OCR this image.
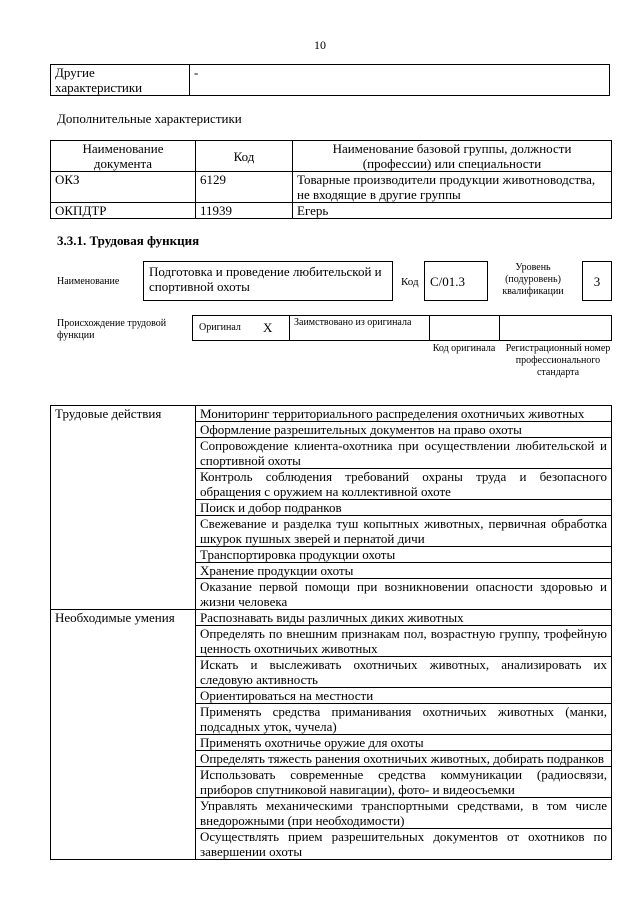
10
Другие характеристики	-
Дополнительные характеристики
Наименование документа	Код	Наименование базовой группы, должности (профессии) или специальности
ОКЗ	6129	Товарные производители продукции животноводства, не входящие в другие группы
ОКПДТР	11939	Егерь
3.3.1. Трудовая функция
Наименование
Подготовка и проведение любительской и спортивной охоты	Код C/01.3
Уровень (подуровень) квалификации
3
Происхождение трудовой функции
Оригинал X Заимствовано из оригинала
Код оригинала Регистрационный номер профессионального стандарта
Трудовые действия	Мониторинг территориального распределения охотничьих животных
	Оформление разрешительных документов на право охоты
	Сопровождение клиента-охотника при осуществлении любительской и спортивной охоты
	Контроль соблюдения требований охраны труда и безопасного обращения с оружием на коллективной охоте
	Поиск и добор подранков
	Свежевание и разделка туш копытных животных, первичная обработка шкурок пушных зверей и пернатой дичи
	Транспортировка продукции охоты
	Хранение продукции охоты
	Оказание первой помощи при возникновении опасности здоровью и жизни человека
Необходимые умения	Распознавать виды различных диких животных
	Определять по внешним признакам пол, возрастную группу, трофейную ценность охотничьих животных
	Искать и выслеживать охотничьих животных, анализировать их следовую активность
	Ориентироваться на местности
	Применять средства приманивания охотничьих животных (манки, подсадных уток, чучела)
	Применять охотничье оружие для охоты
	Определять тяжесть ранения охотничьих животных, добирать подранков
	Использовать современные средства коммуникации (радиосвязи, приборов спутниковой навигации), фото- и видеосъемки
	Управлять механическими транспортными средствами, в том числе внедорожными (при необходимости)
	Осуществлять прием разрешительных документов от охотников по завершении охоты
